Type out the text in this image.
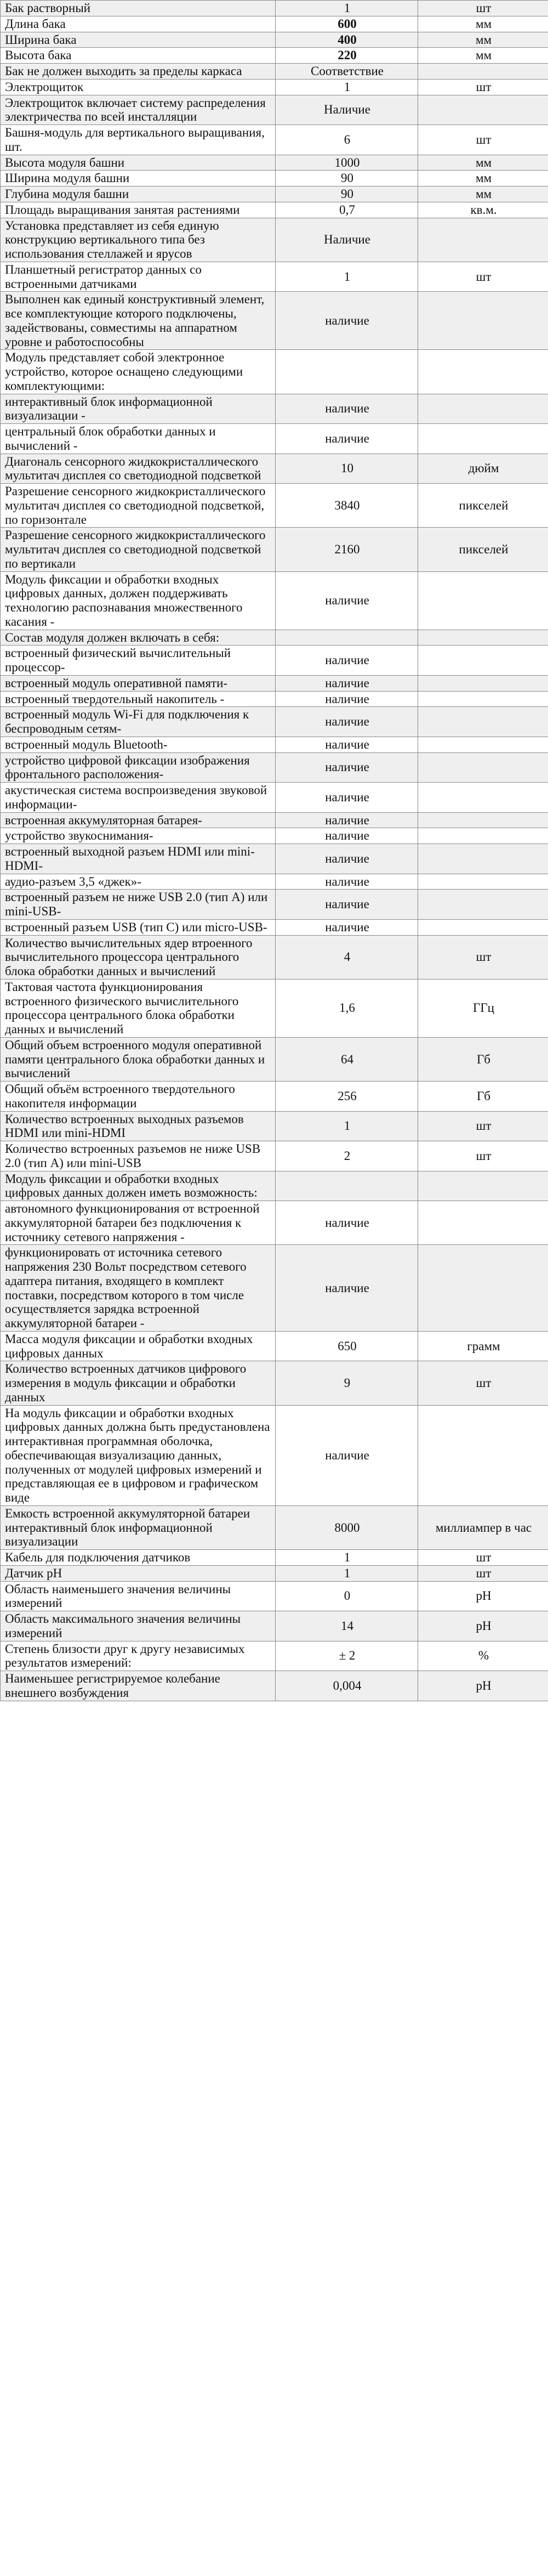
Бак растворный	1	шт
Длина бака	600	мм
Ширина бака	400	мм
Высота бака	220	мм
Бак не должен выходить за пределы каркаса	Соответствие	
Электрощиток	1	шт
Электрощиток включает систему распределения электричества по всей инсталляции	Наличие	
Башня-модуль для вертикального выращивания, шт.	6	шт
Высота модуля башни	1000	мм
Ширина модуля башни	90	мм
Глубина модуля башни	90	мм
Площадь выращивания занятая растениями	0,7	кв.м.
Установка представляет из себя единую конструкцию вертикального типа без использования стеллажей и ярусов	Наличие	
Планшетный регистратор данных со встроенными датчиками	1	шт
Выполнен как единый конструктивный элемент, все комплектующие которого подключены, задействованы, совместимы на аппаратном уровне и работоспособны	наличие	
Модуль представляет собой электронное устройство, которое оснащено следующими комплектующими:		
интерактивный блок информационной визуализации -	наличие	
центральный блок обработки данных и вычислений -	наличие	
Диагональ сенсорного жидкокристаллического мультитач дисплея со светодиодной подсветкой	10	дюйм
Разрешение сенсорного жидкокристаллического мультитач дисплея со светодиодной подсветкой, по горизонтале	3840	пикселей
Разрешение сенсорного жидкокристаллического мультитач дисплея со светодиодной подсветкой по вертикали	2160	пикселей
Модуль фиксации и обработки входных цифровых данных, должен поддерживать технологию распознавания множественного касания -	наличие	
Состав модуля должен включать в себя:		
встроенный физический вычислительный процессор-	наличие	
встроенный модуль оперативной памяти-	наличие	
встроенный твердотельный накопитель -	наличие	
встроенный модуль Wi-Fi для подключения к беспроводным сетям-	наличие	
встроенный модуль Bluetooth-	наличие	
устройство цифровой фиксации изображения фронтального расположения-	наличие	
акустическая система воспроизведения звуковой информации-	наличие	
встроенная аккумуляторная батарея-	наличие	
устройство звукоснимания-	наличие	
встроенный выходной разъем HDMI или mini-HDMI-	наличие	
аудио-разъем 3,5 «джек»-	наличие	
встроенный разъем не ниже USB 2.0 (тип A) или mini-USB-	наличие	
встроенный разъем USB (тип С) или micro-USB-	наличие	
Количество вычислительных ядер втроенного вычислительного процессора центрального блока обработки данных и вычислений	4	шт
Тактовая частота функционирования встроенного физического вычислительного процессора центрального блока обработки данных и вычислений	1,6	ГГц
Общий объем встроенного модуля оперативной памяти центрального блока обработки данных и вычислений	64	Гб
Общий объём встроенного твердотельного накопителя информации	256	Гб
Количество встроенных выходных разъемов HDMI или mini-HDMI	1	шт
Количество встроенных разъемов не ниже USB 2.0 (тип A) или mini-USB	2	шт
Модуль фиксации и обработки входных цифровых данных должен иметь возможность:		
автономного функционирования от встроенной аккумуляторной батареи без подключения к источнику сетевого напряжения -	наличие	
функционировать от источника сетевого напряжения 230 Вольт посредством сетевого адаптера питания, входящего в комплект поставки, посредством которого в том числе осуществляется зарядка встроенной аккумуляторной батареи -	наличие	
Масса модуля фиксации и обработки входных цифровых данных	650	грамм
Количество встроенных датчиков цифрового измерения в модуль фиксации и обработки данных	9	шт
На модуль фиксации и обработки входных цифровых данных должна быть предустановлена интерактивная программная оболочка, обеспечивающая визуализацию данных, полученных от модулей цифровых измерений и представляющая ее в цифровом и графическом виде	наличие	
Емкость встроенной аккумуляторной батареи интерактивный блок информационной визуализации	8000	миллиампер в час
Кабель для подключения датчиков	1	шт
Датчик pH	1	шт
Область наименьшего значения величины измерений	0	pH
Область максимального значения величины измерений	14	pH
Степень близости друг к другу независимых результатов измерений:	± 2	%
Наименьшее регистрируемое колебание внешнего возбуждения	0,004	pH
